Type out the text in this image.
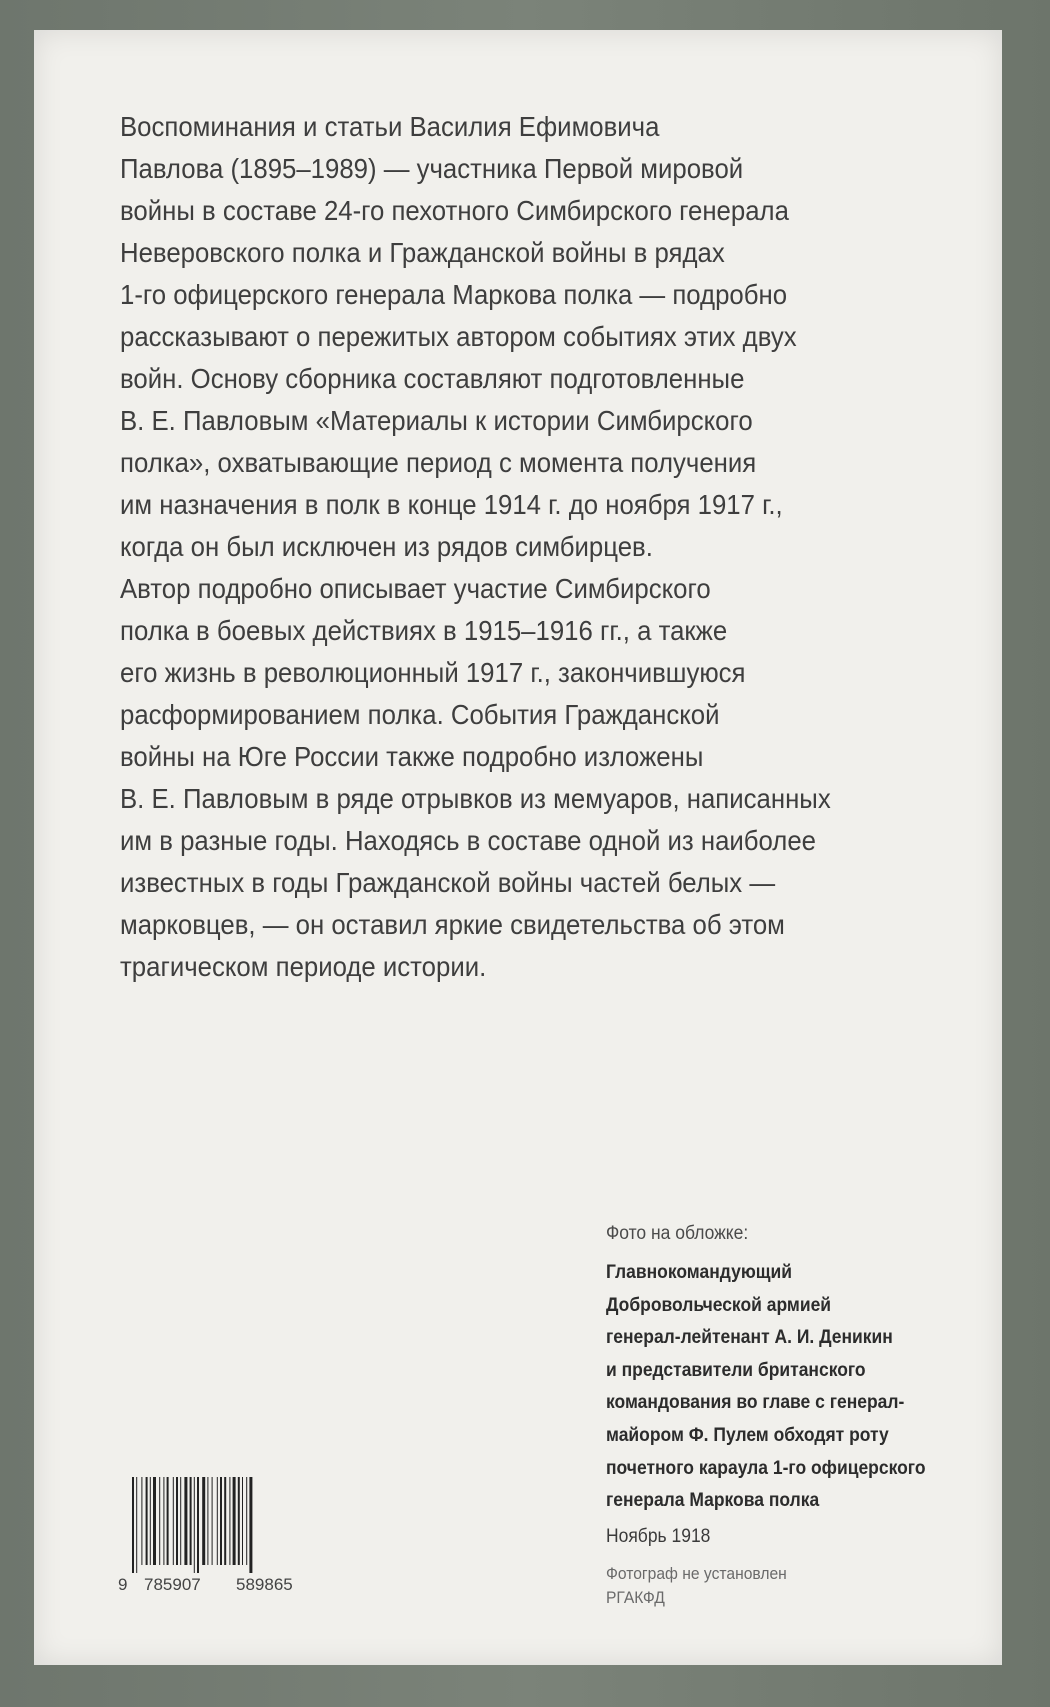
Воспоминания и статьи Василия Ефимовича
Павлова (1895–1989) — участника Первой мировой
войны в составе 24-го пехотного Симбирского генерала
Неверовского полка и Гражданской войны в рядах
1-го офицерского генерала Маркова полка — подробно
рассказывают о пережитых автором событиях этих двух
войн. Основу сборника составляют подготовленные
В. Е. Павловым «Материалы к истории Симбирского
полка», охватывающие период с момента получения
им назначения в полк в конце 1914 г. до ноября 1917 г.,
когда он был исключен из рядов симбирцев.
Автор подробно описывает участие Симбирского
полка в боевых действиях в 1915–1916 гг., а также
его жизнь в революционный 1917 г., закончившуюся
расформированием полка. События Гражданской
войны на Юге России также подробно изложены
В. Е. Павловым в ряде отрывков из мемуаров, написанных
им в разные годы. Находясь в составе одной из наиболее
известных в годы Гражданской войны частей белых —
марковцев, — он оставил яркие свидетельства об этом
трагическом периоде истории.
Фото на обложке:
Главнокомандующий
Добровольческой армией
генерал-лейтенант А. И. Деникин
и представители британского
командования во главе с генерал-
майором Ф. Пулем обходят роту
почетного караула 1-го офицерского
генерала Маркова полка
Ноябрь 1918
Фотограф не установлен
РГАКФД
9 785907 589865
